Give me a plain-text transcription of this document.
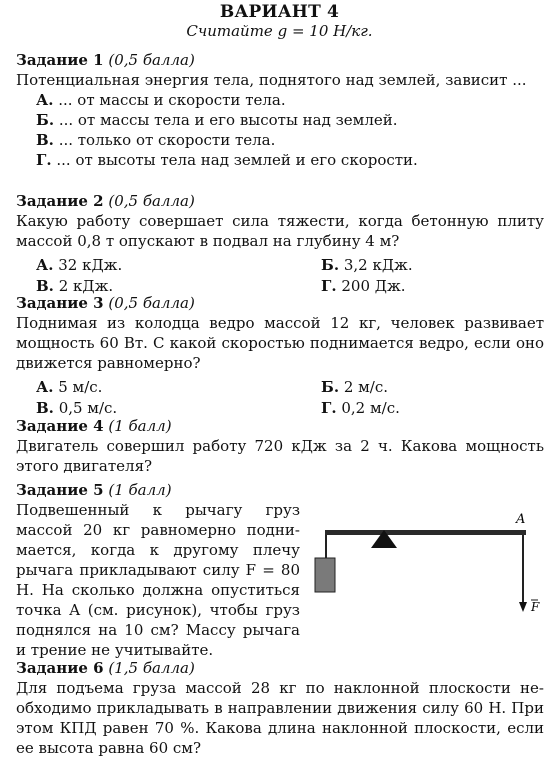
ВАРИАНТ 4
Считайте g = 10 Н/кг.
Задание 1 (0,5 балла)
Потенциальная энергия тела, поднятого над землей, зависит ...
А. ... от массы и скорости тела.
Б. ... от массы тела и его высоты над землей.
В. ... только от скорости тела.
Г. ... от высоты тела над землей и его скорости.
Задание 2 (0,5 балла)
Какую работу совершает сила тяжести, когда бетонную плиту массой 0,8 т опускают в подвал на глубину 4 м?
А. 32 кДж.	Б. 3,2 кДж.
В. 2 кДж.	Г. 200 Дж.
Задание 3 (0,5 балла)
Поднимая из колодца ведро массой 12 кг, человек развивает мощность 60 Вт. С какой скоростью поднимается ведро, если оно движется равномерно?
А. 5 м/с.	Б. 2 м/с.
В. 0,5 м/с.	Г. 0,2 м/с.
Задание 4 (1 балл)
Двигатель совершил работу 720 кДж за 2 ч. Какова мощность этого двигателя?
Задание 5 (1 балл)
Подвешенный к рычагу груз массой 20 кг равномерно поднимается, когда к другому плечу рычага прикладывают силу F = 80 Н. На сколько должна опуститься точка A (см. рисунок), чтобы груз поднялся на 10 см? Массу рычага и трение не учитывайте.
A
F
Задание 6 (1,5 балла)
Для подъема груза массой 28 кг по наклонной плоскости необходимо прикладывать в направлении движения силу 60 Н. При этом КПД равен 70 %. Какова длина наклонной плоскости, если ее высота равна 60 см?
